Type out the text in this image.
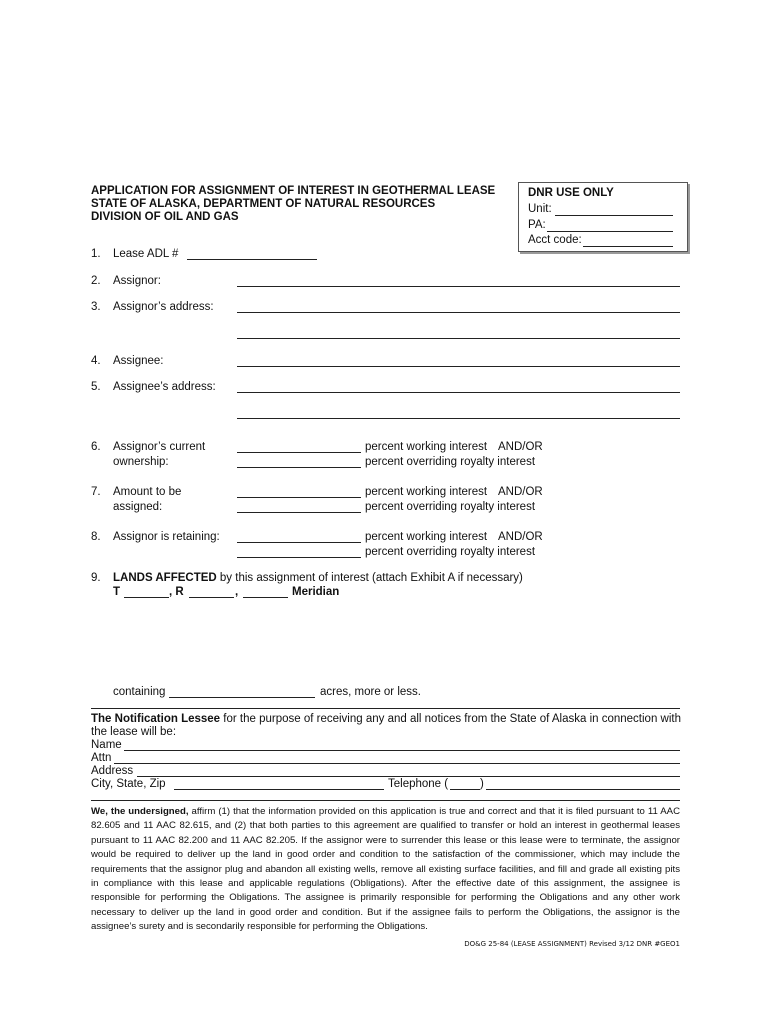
APPLICATION FOR ASSIGNMENT OF INTEREST IN GEOTHERMAL LEASE
STATE OF ALASKA, DEPARTMENT OF NATURAL RESOURCES
DIVISION OF OIL AND GAS
DNR USE ONLY
Unit:
PA:
Acct code:
1. Lease ADL #
2. Assignor:
3. Assignor’s address:
4. Assignee:
5. Assignee’s address:
6. Assignor’s current
ownership:
percent working interest AND/OR
percent overriding royalty interest
7. Amount to be
assigned:
percent working interest AND/OR
percent overriding royalty interest
8. Assignor is retaining:	percent working interest AND/OR
percent overriding royalty interest
9. LANDS AFFECTED by this assignment of interest (attach Exhibit A if necessary)
T	, R	,	Meridian
containing	acres, more or less.
The Notification Lessee for the purpose of receiving any and all notices from the State of Alaska in connection with
the lease will be:
Name
Attn
Address
City, State, Zip	Telephone (	)
We, the undersigned, affirm (1) that the information provided on this application is true and correct and that it is filed pursuant to 11 AAC 82.605 and 11 AAC 82.615, and (2) that both parties to this agreement are qualified to transfer or hold an interest in geothermal leases pursuant to 11 AAC 82.200 and 11 AAC 82.205. If the assignor were to surrender this lease or this lease were to terminate, the assignor would be required to deliver up the land in good order and condition to the satisfaction of the commissioner, which may include the requirements that the assignor plug and abandon all existing wells, remove all existing surface facilities, and fill and grade all existing pits in compliance with this lease and applicable regulations (Obligations). After the effective date of this assignment, the assignee is responsible for performing the Obligations. The assignee is primarily responsible for performing the Obligations and any other work necessary to deliver up the land in good order and condition. But if the assignee fails to perform the Obligations, the assignor is the assignee’s surety and is secondarily responsible for performing the Obligations.
DO&G 25-84 (LEASE ASSIGNMENT) Revised 3/12 DNR #GEO1
